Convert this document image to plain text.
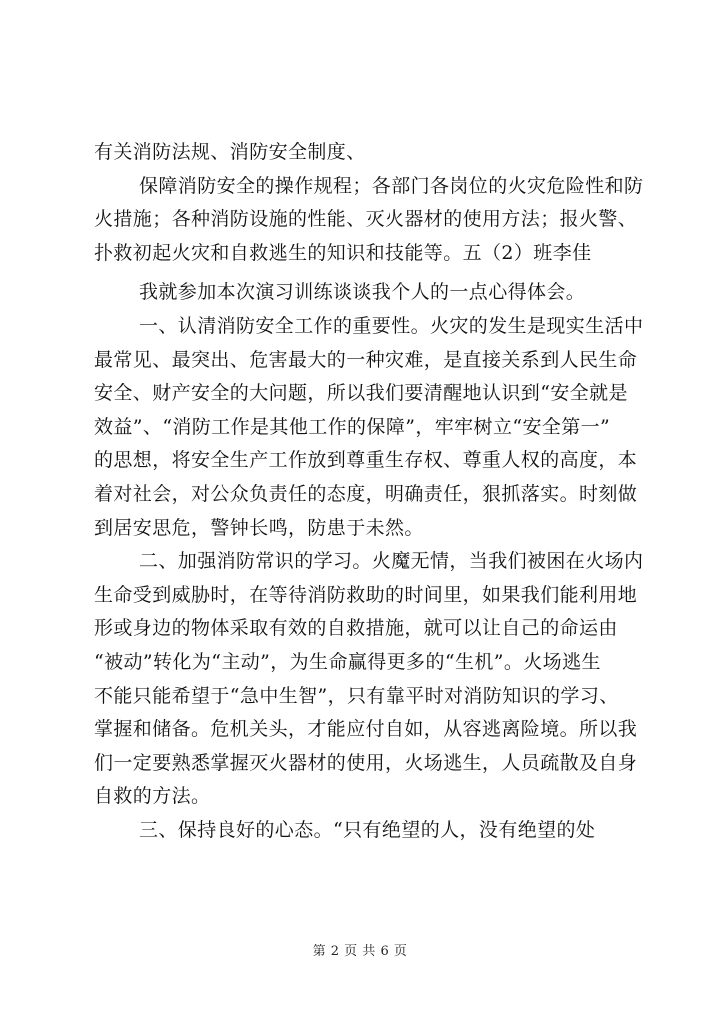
有关消防法规、消防安全制度、
保障消防安全的操作规程；各部门各岗位的火灾危险性和防
火措施；各种消防设施的性能、灭火器材的使用方法；报火警、
扑救初起火灾和自救逃生的知识和技能等。五（2）班李佳
我就参加本次演习训练谈谈我个人的一点心得体会。
一、认清消防安全工作的重要性。火灾的发生是现实生活中
最常见、最突出、危害最大的一种灾难，是直接关系到人民生命
安全、财产安全的大问题，所以我们要清醒地认识到“安全就是
效益”、“消防工作是其他工作的保障”，牢牢树立“安全第一”
的思想，将安全生产工作放到尊重生存权、尊重人权的高度，本
着对社会，对公众负责任的态度，明确责任，狠抓落实。时刻做
到居安思危，警钟长鸣，防患于未然。
二、加强消防常识的学习。火魔无情，当我们被困在火场内
生命受到威胁时，在等待消防救助的时间里，如果我们能利用地
形或身边的物体采取有效的自救措施，就可以让自己的命运由
“被动”转化为“主动”，为生命赢得更多的“生机”。火场逃生
不能只能希望于“急中生智”，只有靠平时对消防知识的学习、
掌握和储备。危机关头，才能应付自如，从容逃离险境。所以我
们一定要熟悉掌握灭火器材的使用，火场逃生，人员疏散及自身
自救的方法。
三、保持良好的心态。“只有绝望的人，没有绝望的处
第 2 页 共 6 页
